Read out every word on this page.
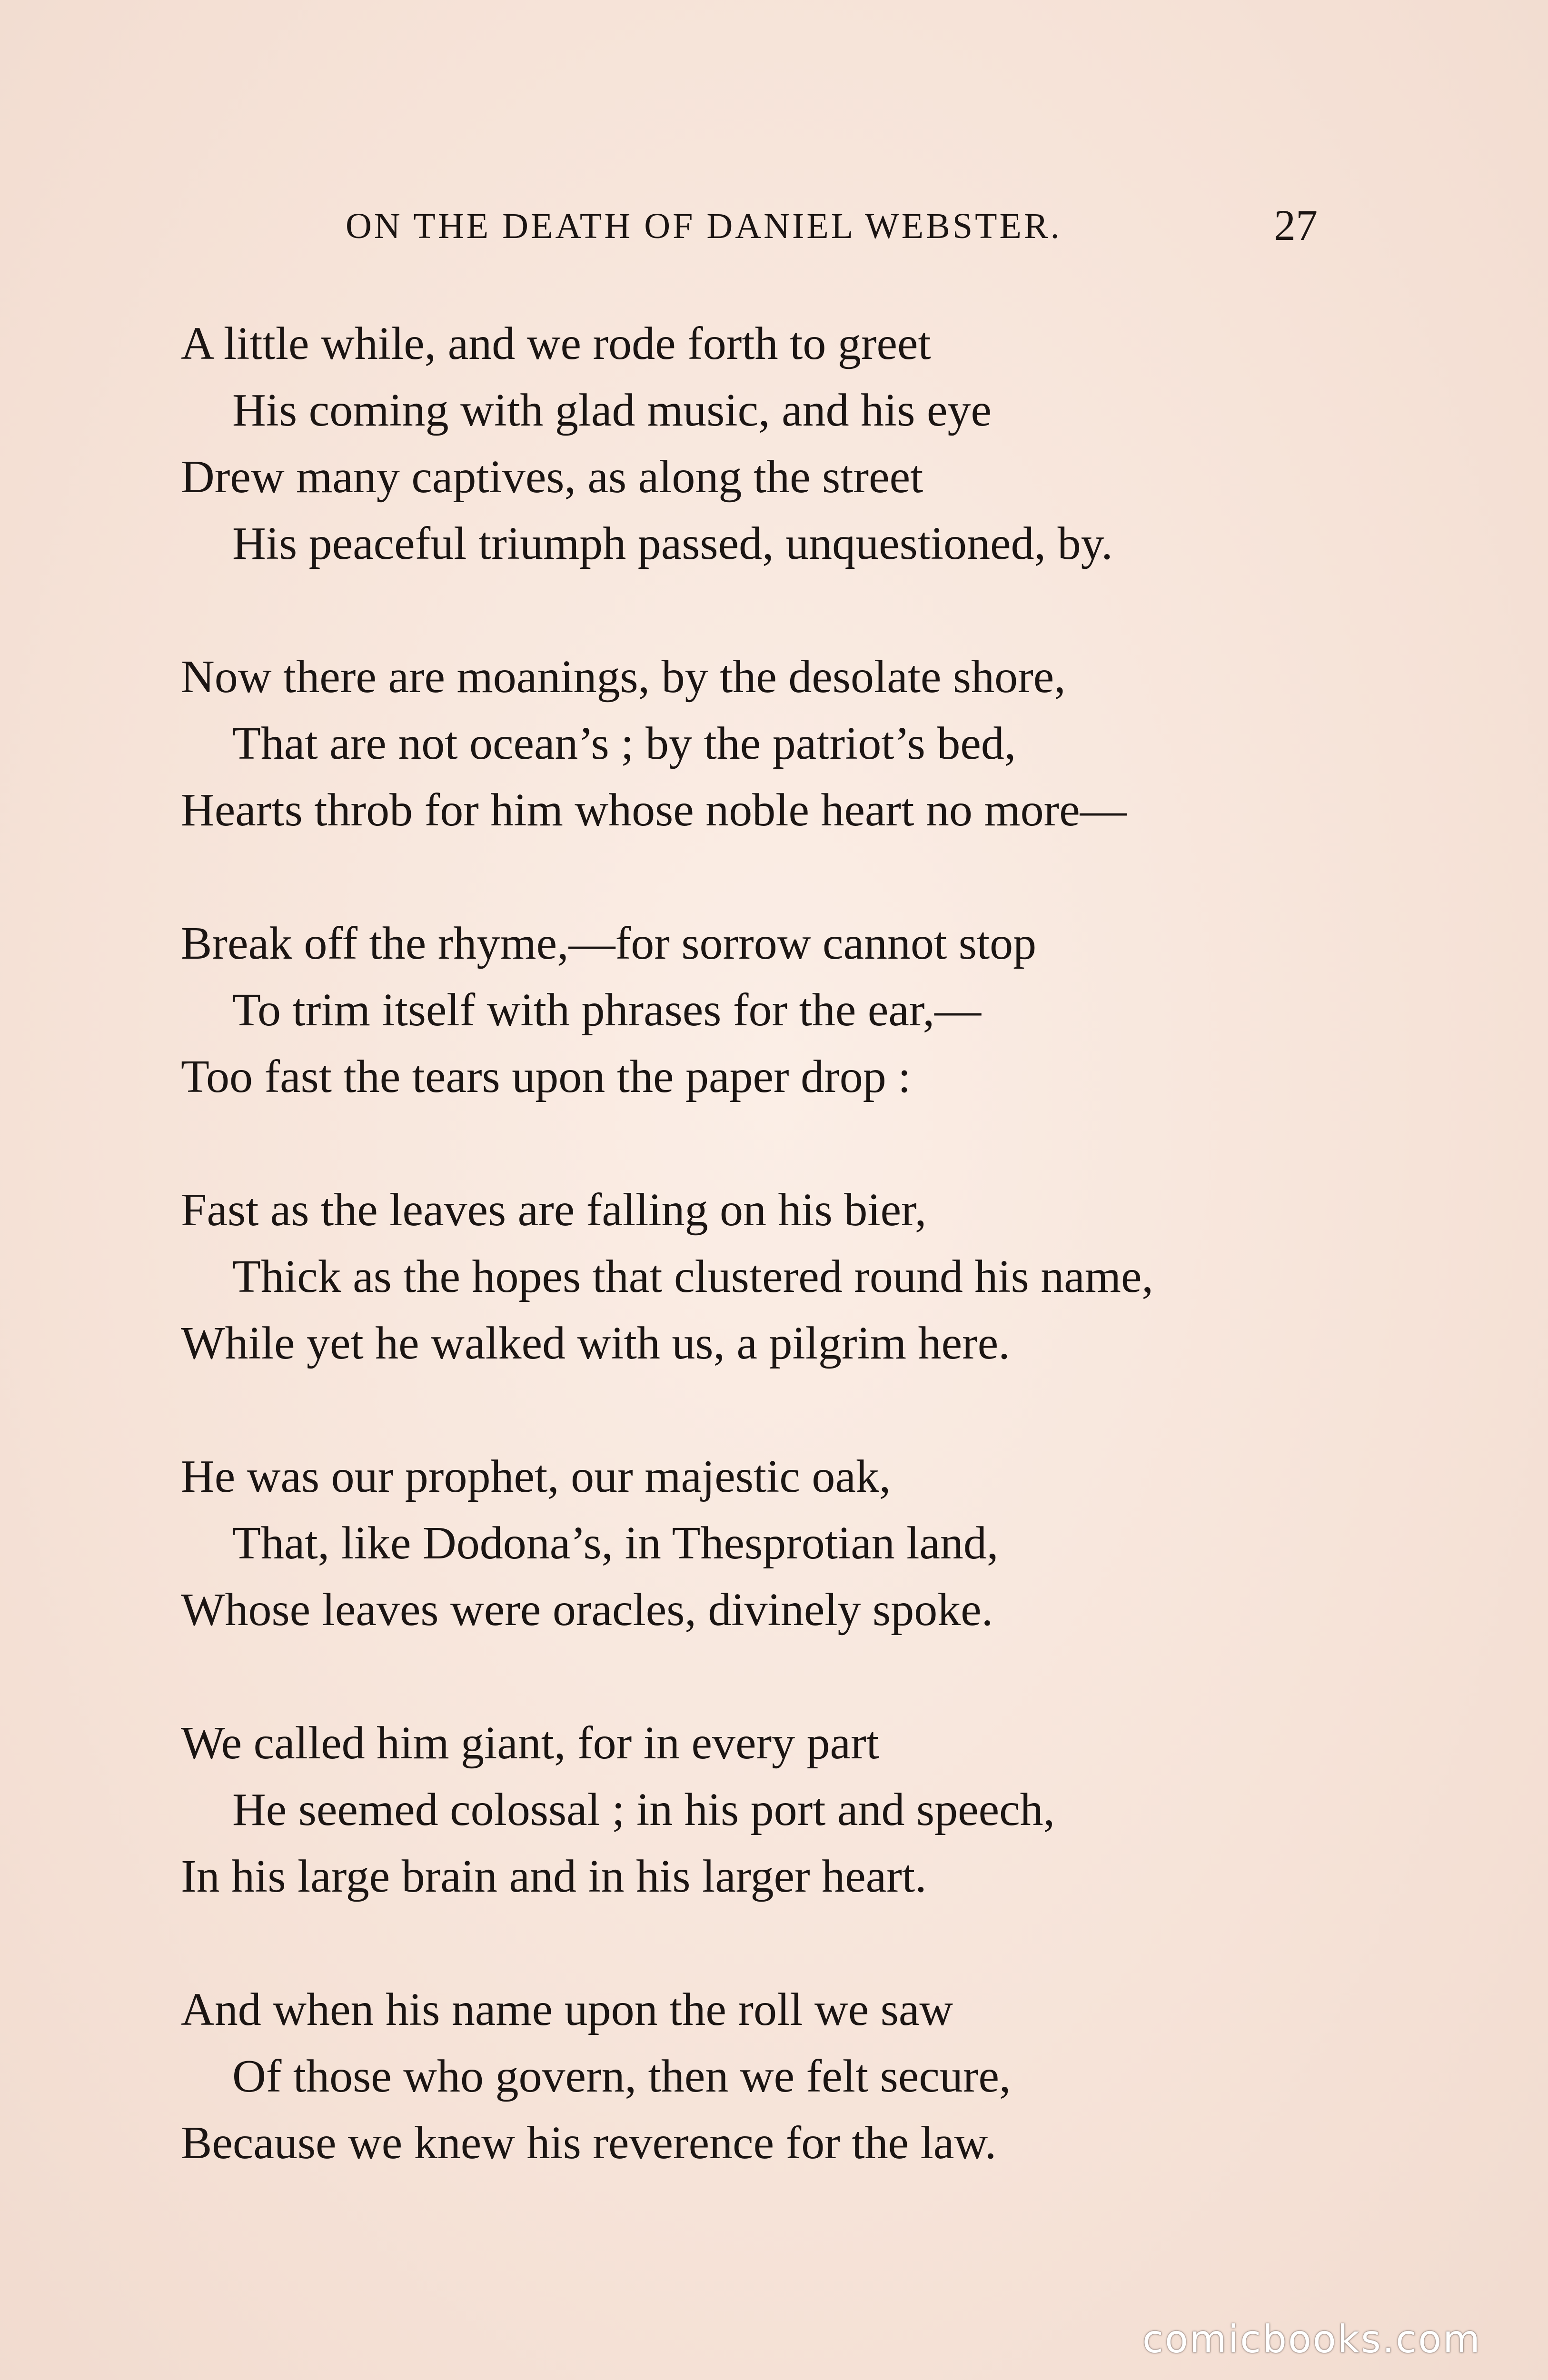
ON THE DEATH OF DANIEL WEBSTER.	27
A little while, and we rode forth to greet
His coming with glad music, and his eye
Drew many captives, as along the street
His peaceful triumph passed, unquestioned, by.
Now there are moanings, by the desolate shore,
That are not ocean’s ; by the patriot’s bed,
Hearts throb for him whose noble heart no more—
Break off the rhyme,—for sorrow cannot stop
To trim itself with phrases for the ear,—
Too fast the tears upon the paper drop :
Fast as the leaves are falling on his bier,
Thick as the hopes that clustered round his name,
While yet he walked with us, a pilgrim here.
He was our prophet, our majestic oak,
That, like Dodona’s, in Thesprotian land,
Whose leaves were oracles, divinely spoke.
We called him giant, for in every part
He seemed colossal ; in his port and speech,
In his large brain and in his larger heart.
And when his name upon the roll we saw
Of those who govern, then we felt secure,
Because we knew his reverence for the law.
comicbooks.com
